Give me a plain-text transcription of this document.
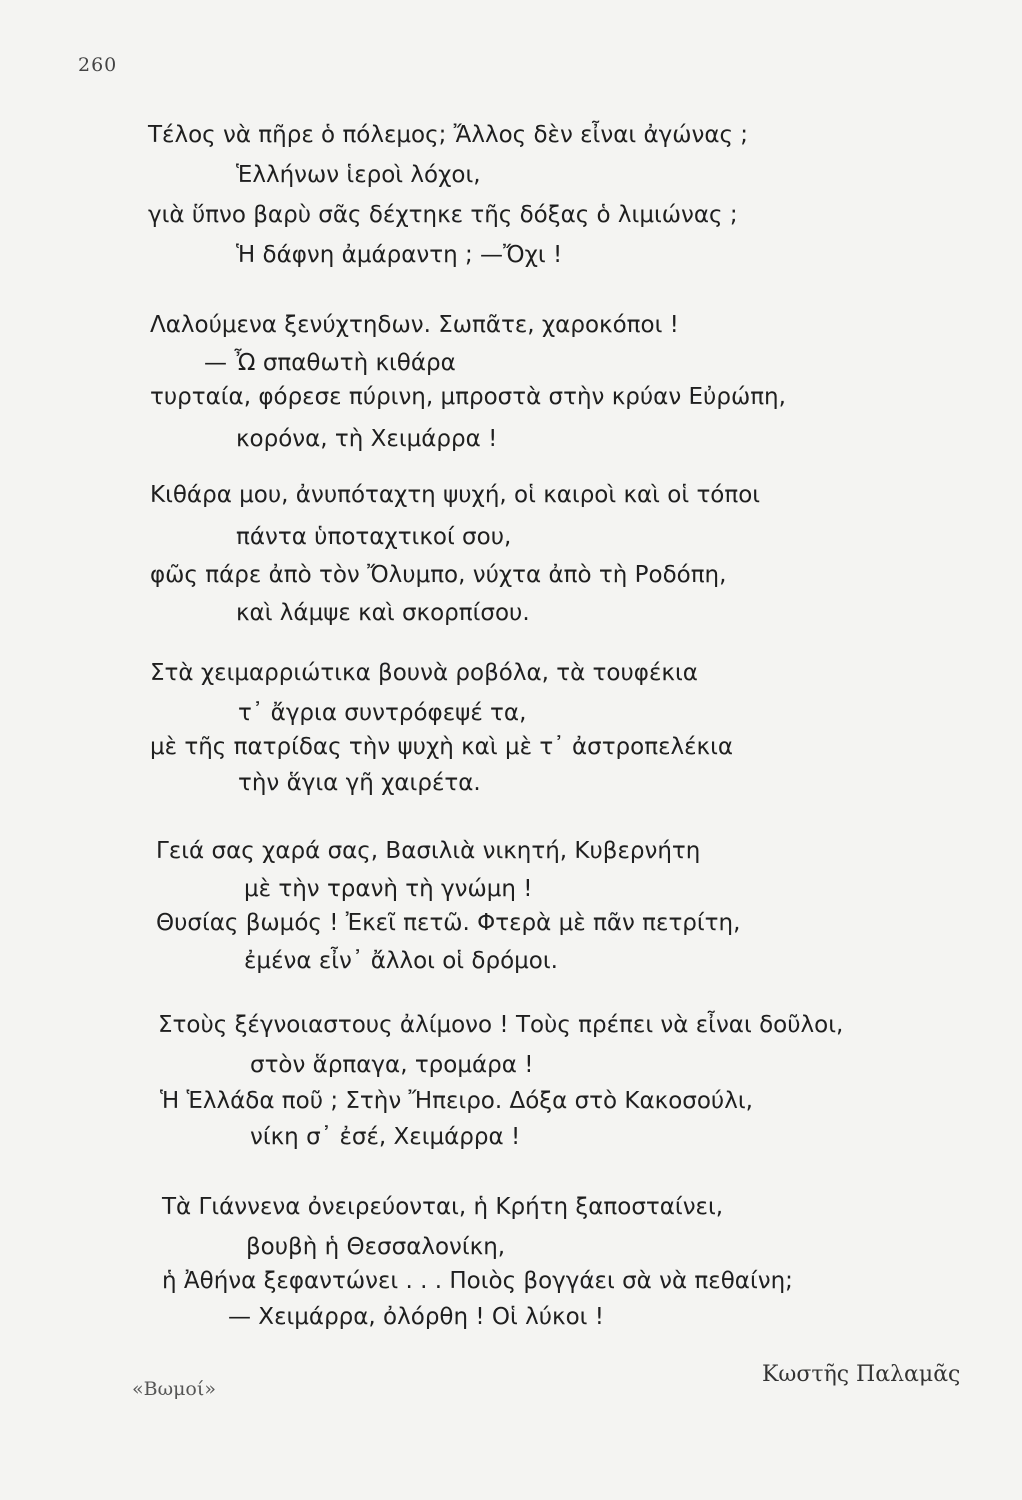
260
Τέλος νὰ πῆρε ὁ πόλεμος; Ἄλλος δὲν εἶναι ἀγώνας ;
Ἑλλήνων ἱεροὶ λόχοι,
γιὰ ὕπνο βαρὺ σᾶς δέχτηκε τῆς δόξας ὁ λιμιώνας ;
Ἡ δάφνη ἀμάραντη ; —Ὄχι !
Λαλούμενα ξενύχτηδων. Σωπᾶτε, χαροκόποι !
— Ὦ σπαθωτὴ κιθάρα
τυρταία, φόρεσε πύρινη, μπροστὰ στὴν κρύαν Εὐρώπη,
κορόνα, τὴ Χειμάρρα !
Κιθάρα μου, ἀνυπόταχτη ψυχή, οἱ καιροὶ καὶ οἱ τόποι
πάντα ὑποταχτικοί σου,
φῶς πάρε ἀπὸ τὸν Ὄλυμπο, νύχτα ἀπὸ τὴ Ροδόπη,
καὶ λάμψε καὶ σκορπίσου.
Στὰ χειμαρριώτικα βουνὰ ροβόλα, τὰ τουφέκια
τ᾽ ἄγρια συντρόφεψέ τα,
μὲ τῆς πατρίδας τὴν ψυχὴ καὶ μὲ τ᾽ ἀστροπελέκια
τὴν ἅγια γῆ χαιρέτα.
Γειά σας χαρά σας, Βασιλιὰ νικητή, Κυβερνήτη
μὲ τὴν τρανὴ τὴ γνώμη !
Θυσίας βωμός ! Ἐκεῖ πετῶ. Φτερὰ μὲ πᾶν πετρίτη,
ἐμένα εἶν᾽ ἄλλοι οἱ δρόμοι.
Στοὺς ξέγνοιαστους ἀλίμονο ! Τοὺς πρέπει νὰ εἶναι δοῦλοι,
στὸν ἅρπαγα, τρομάρα !
Ἡ Ἑλλάδα ποῦ ; Στὴν Ἤπειρο. Δόξα στὸ Κακοσούλι,
νίκη σ᾽ ἐσέ, Χειμάρρα !
Τὰ Γιάννενα ὀνειρεύονται, ἡ Κρήτη ξαποσταίνει,
βουβὴ ἡ Θεσσαλονίκη,
ἡ Ἀθήνα ξεφαντώνει . . . Ποιὸς βογγάει σὰ νὰ πεθαίνη;
— Χειμάρρα, ὀλόρθη ! Οἱ λύκοι !
«Βωμοί»
Κωστῆς Παλαμᾶς
